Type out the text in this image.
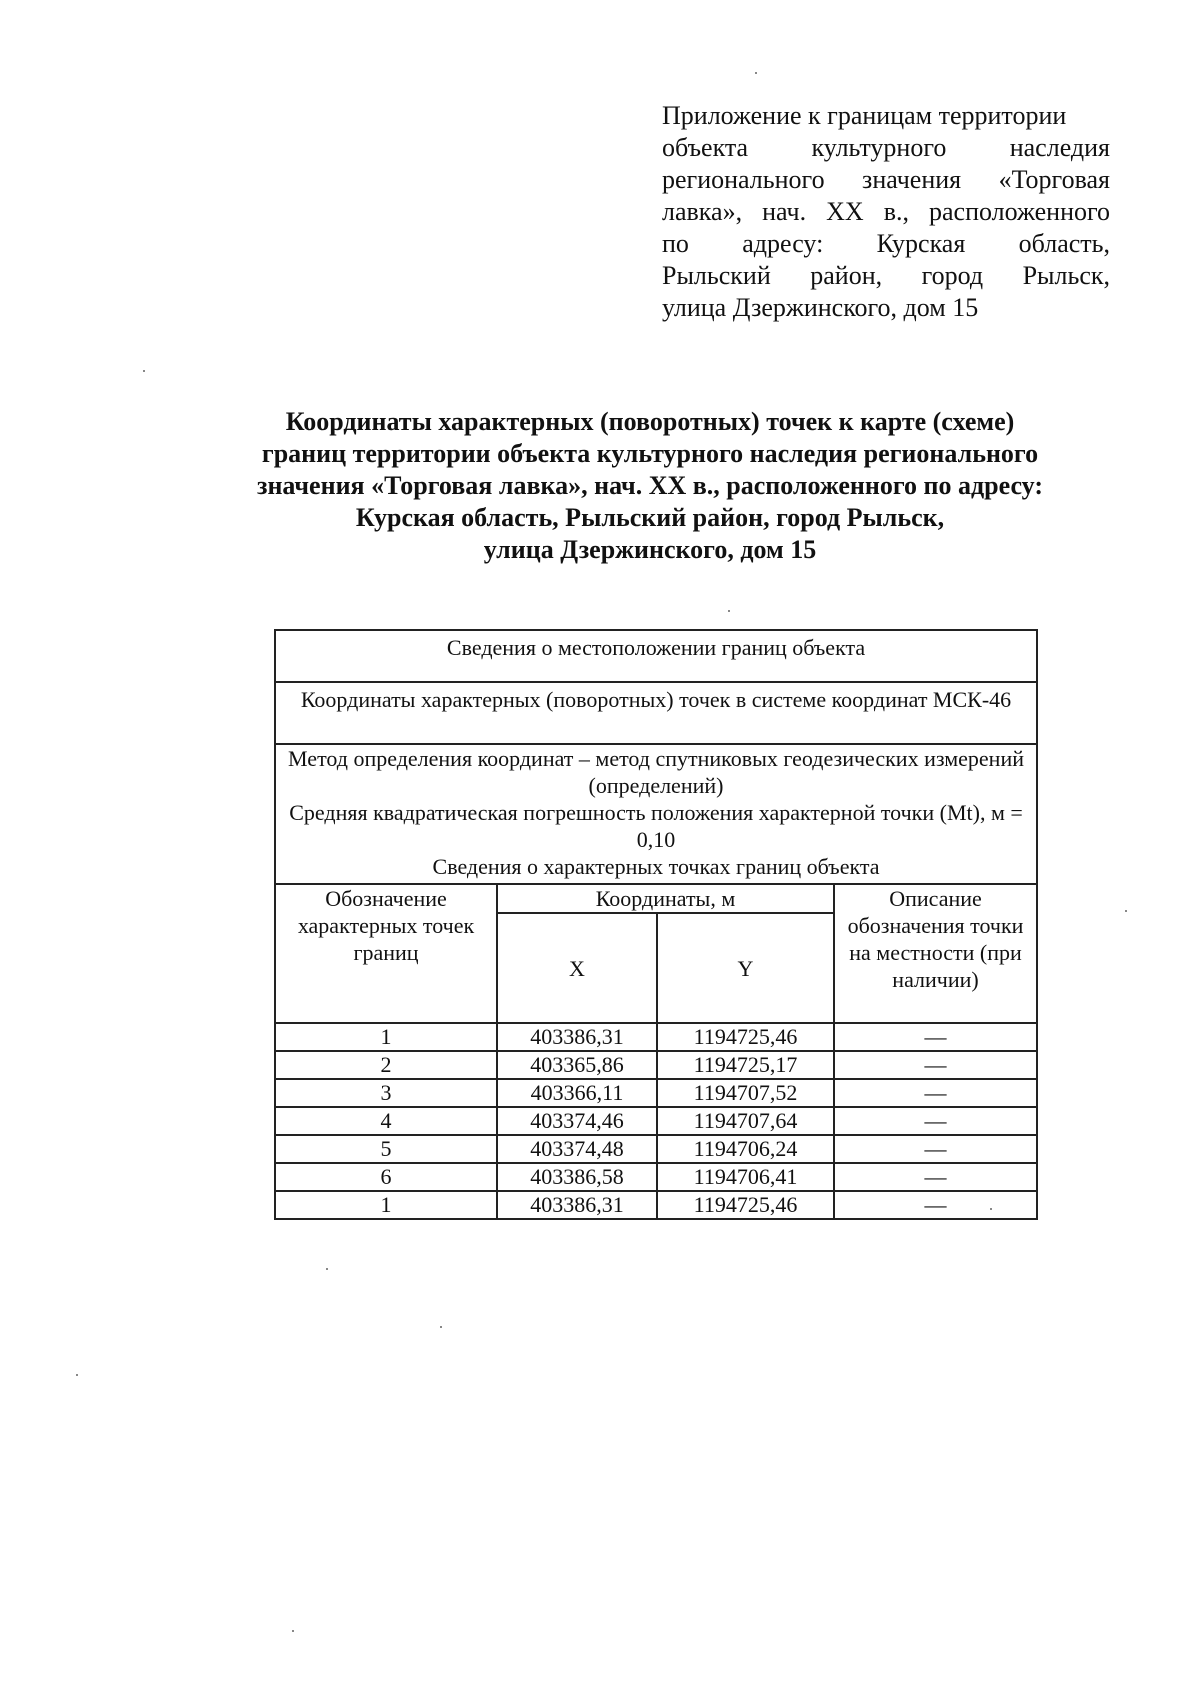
Приложение к границам территории
объекта культурного наследия
регионального значения «Торговая
лавка», нач. XX в., расположенного
по адресу: Курская область,
Рыльский район, город Рыльск,
улица Дзержинского, дом 15
Координаты характерных (поворотных) точек к карте (схеме)
границ территории объекта культурного наследия регионального
значения «Торговая лавка», нач. XX в., расположенного по адресу:
Курская область, Рыльский район, город Рыльск,
улица Дзержинского, дом 15
Сведения о местоположении границ объекта			
Координаты характерных (поворотных) точек в системе координат МСК-46			

Метод определения координат – метод спутниковых геодезических измерений (определений)
Средняя квадратическая погрешность положения характерной точки (Mt), м = 0,10
Сведения о характерных точках границ объекта			

Обозначение характерных точек границ	Координаты, м		Описание обозначения точки на местности (при наличии)
	X	Y	
1	403386,31	1194725,46	—
2	403365,86	1194725,17	—
3	403366,11	1194707,52	—
4	403374,46	1194707,64	—
5	403374,48	1194706,24	—
6	403386,58	1194706,41	—
1	403386,31	1194725,46	—
